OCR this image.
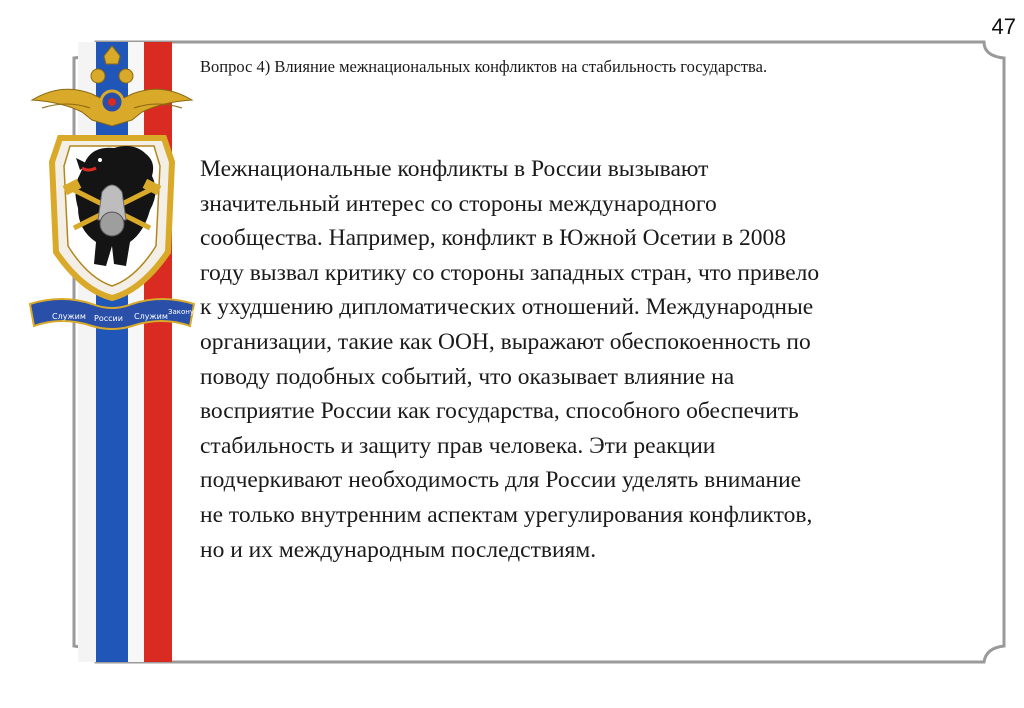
47
Служим России Служим Закону

Вопрос 4) Влияние межнациональных конфликтов на стабильность государства.

Межнациональные конфликты в России вызывают
значительный интерес со стороны международного
сообщества. Например, конфликт в Южной Осетии в 2008
году вызвал критику со стороны западных стран, что привело
к ухудшению дипломатических отношений. Международные
организации, такие как ООН, выражают обеспокоенность по
поводу подобных событий, что оказывает влияние на
восприятие России как государства, способного обеспечить
стабильность и защиту прав человека. Эти реакции
подчеркивают необходимость для России уделять внимание
не только внутренним аспектам урегулирования конфликтов,
но и их международным последствиям.
